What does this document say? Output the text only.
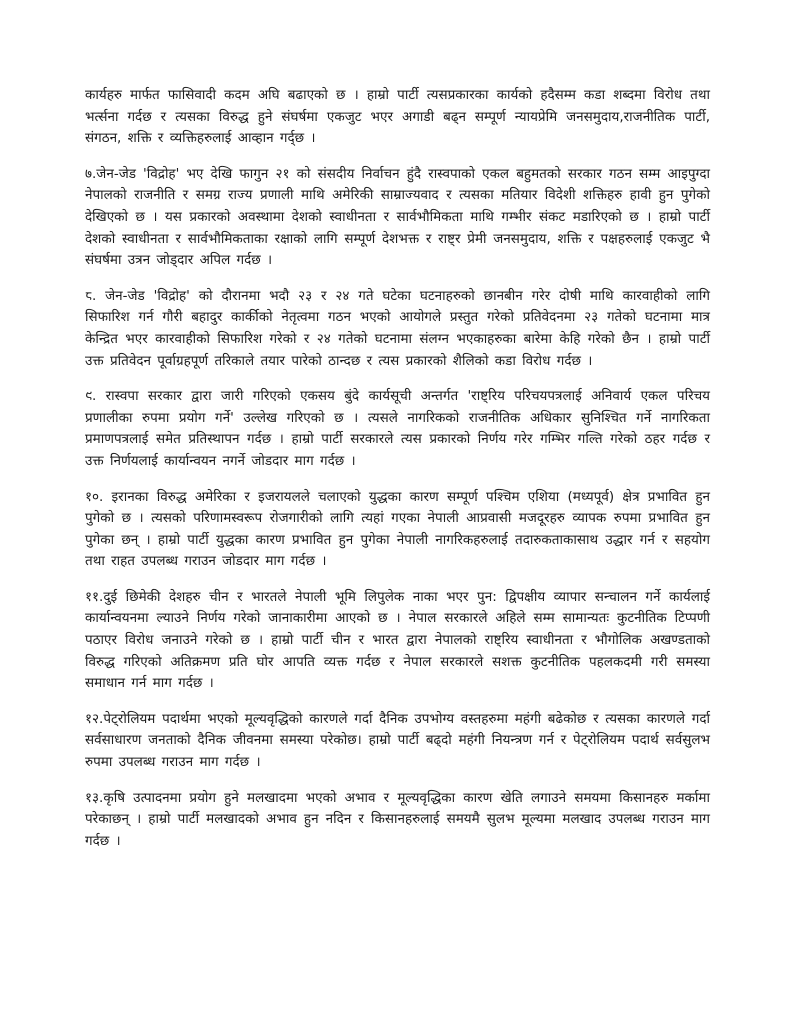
कार्यहरु मार्फत फासिवादी कदम अघि बढाएको छ । हाम्रो पार्टी त्यसप्रकारका कार्यको हदैसम्म कडा शब्दमा विरोध तथा भर्त्सना गर्दछ र त्यसका विरुद्ध हुने संघर्षमा एकजुट भएर अगाडी बढ्न सम्पूर्ण न्यायप्रेमि जनसमुदाय,राजनीतिक पार्टी, संगठन, शक्ति र व्यक्तिहरुलाई आव्हान गर्द्छ ।

७.जेन-जेड 'विद्रोह' भए देखि फागुन २१ को संसदीय निर्वाचन हुंदै रास्वपाको एकल बहुमतको सरकार गठन सम्म आइपुग्दा नेपालको राजनीति र समग्र राज्य प्रणाली माथि अमेरिकी साम्राज्यवाद र त्यसका मतियार विदेशी शक्तिहरु हावी हुन पुगेको देखिएको छ । यस प्रकारको अवस्थामा देशको स्वाधीनता र सार्वभौमिकता माथि गम्भीर संकट मडारिएको छ । हाम्रो पार्टी देशको स्वाधीनता र सार्वभौमिकताका रक्षाको लागि सम्पूर्ण देशभक्त र राष्ट्र प्रेमी जनसमुदाय, शक्ति र पक्षहरुलाई एकजुट भै संघर्षमा उत्रन जोड्दार अपिल गर्दछ ।

८. जेन-जेड 'विद्रोह' को दौरानमा भदौ २३ र २४ गते घटेका घटनाहरुको छानबीन गरेर दोषी माथि कारवाहीको लागि सिफारिश गर्न गौरी बहादुर कार्कीको नेतृत्वमा गठन भएको आयोगले प्रस्तुत गरेको प्रतिवेदनमा २३ गतेको घटनामा मात्र केन्द्रित भएर कारवाहीको सिफारिश गरेको र २४ गतेको घटनामा संलग्न भएकाहरुका बारेमा केहि गरेको छैन । हाम्रो पार्टी उक्त प्रतिवेदन पूर्वाग्रहपूर्ण तरिकाले तयार पारेको ठान्दछ र त्यस प्रकारको शैलिको कडा विरोध गर्दछ ।

९. रास्वपा सरकार द्वारा जारी गरिएको एकसय बुंदे कार्यसूची अन्तर्गत 'राष्ट्रिय परिचयपत्रलाई अनिवार्य एकल परिचय प्रणालीका रुपमा प्रयोग गर्ने' उल्लेख गरिएको छ । त्यसले नागरिकको राजनीतिक अधिकार सुनिश्चित गर्ने नागरिकता प्रमाणपत्रलाई समेत प्रतिस्थापन गर्दछ । हाम्रो पार्टी सरकारले त्यस प्रकारको निर्णय गरेर गम्भिर गल्ति गरेको ठहर गर्दछ र उक्त निर्णयलाई कार्यान्वयन नगर्ने जोडदार माग गर्दछ ।

१०. इरानका विरुद्ध अमेरिका र इजरायलले चलाएको युद्धका कारण सम्पूर्ण पश्चिम एशिया (मध्यपूर्व) क्षेत्र प्रभावित हुन पुगेको छ । त्यसको परिणामस्वरूप रोजगारीको लागि त्यहां गएका नेपाली आप्रवासी मजदूरहरु व्यापक रुपमा प्रभावित हुन पुगेका छन् । हाम्रो पार्टी युद्धका कारण प्रभावित हुन पुगेका नेपाली नागरिकहरुलाई तदारुकताकासाथ उद्धार गर्न र सहयोग तथा राहत उपलब्ध गराउन जोडदार माग गर्दछ ।

११.दुई छिमेकी देशहरु चीन र भारतले नेपाली भूमि लिपुलेक नाका भएर पुन: द्विपक्षीय व्यापार सन्चालन गर्ने कार्यलाई कार्यान्वयनमा ल्याउने निर्णय गरेको जानाकारीमा आएको छ । नेपाल सरकारले अहिले सम्म सामान्यतः कुटनीतिक टिप्पणी पठाएर विरोध जनाउने गरेको छ । हाम्रो पार्टी चीन र भारत द्वारा नेपालको राष्ट्रिय स्वाधीनता र भौगोलिक अखण्डताको विरुद्ध गरिएको अतिक्रमण प्रति घोर आपति व्यक्त गर्दछ र नेपाल सरकारले सशक्त कुटनीतिक पहलकदमी गरी समस्या समाधान गर्न माग गर्दछ ।

१२.पेट्रोलियम पदार्थमा भएको मूल्यवृद्धिको कारणले गर्दा दैनिक उपभोग्य वस्तहरुमा महंगी बढेकोछ र त्यसका कारणले गर्दा सर्वसाधारण जनताको दैनिक जीवनमा समस्या परेकोछ। हाम्रो पार्टी बढ्दो महंगी नियन्त्रण गर्न र पेट्रोलियम पदार्थ सर्वसुलभ रुपमा उपलब्ध गराउन माग गर्दछ ।

१३.कृषि उत्पादनमा प्रयोग हुने मलखादमा भएको अभाव र मूल्यवृद्धिका कारण खेति लगाउने समयमा किसानहरु मर्कामा परेकाछन् । हाम्रो पार्टी मलखादको अभाव हुन नदिन र किसानहरुलाई समयमै सुलभ मूल्यमा मलखाद उपलब्ध गराउन माग गर्दछ ।
